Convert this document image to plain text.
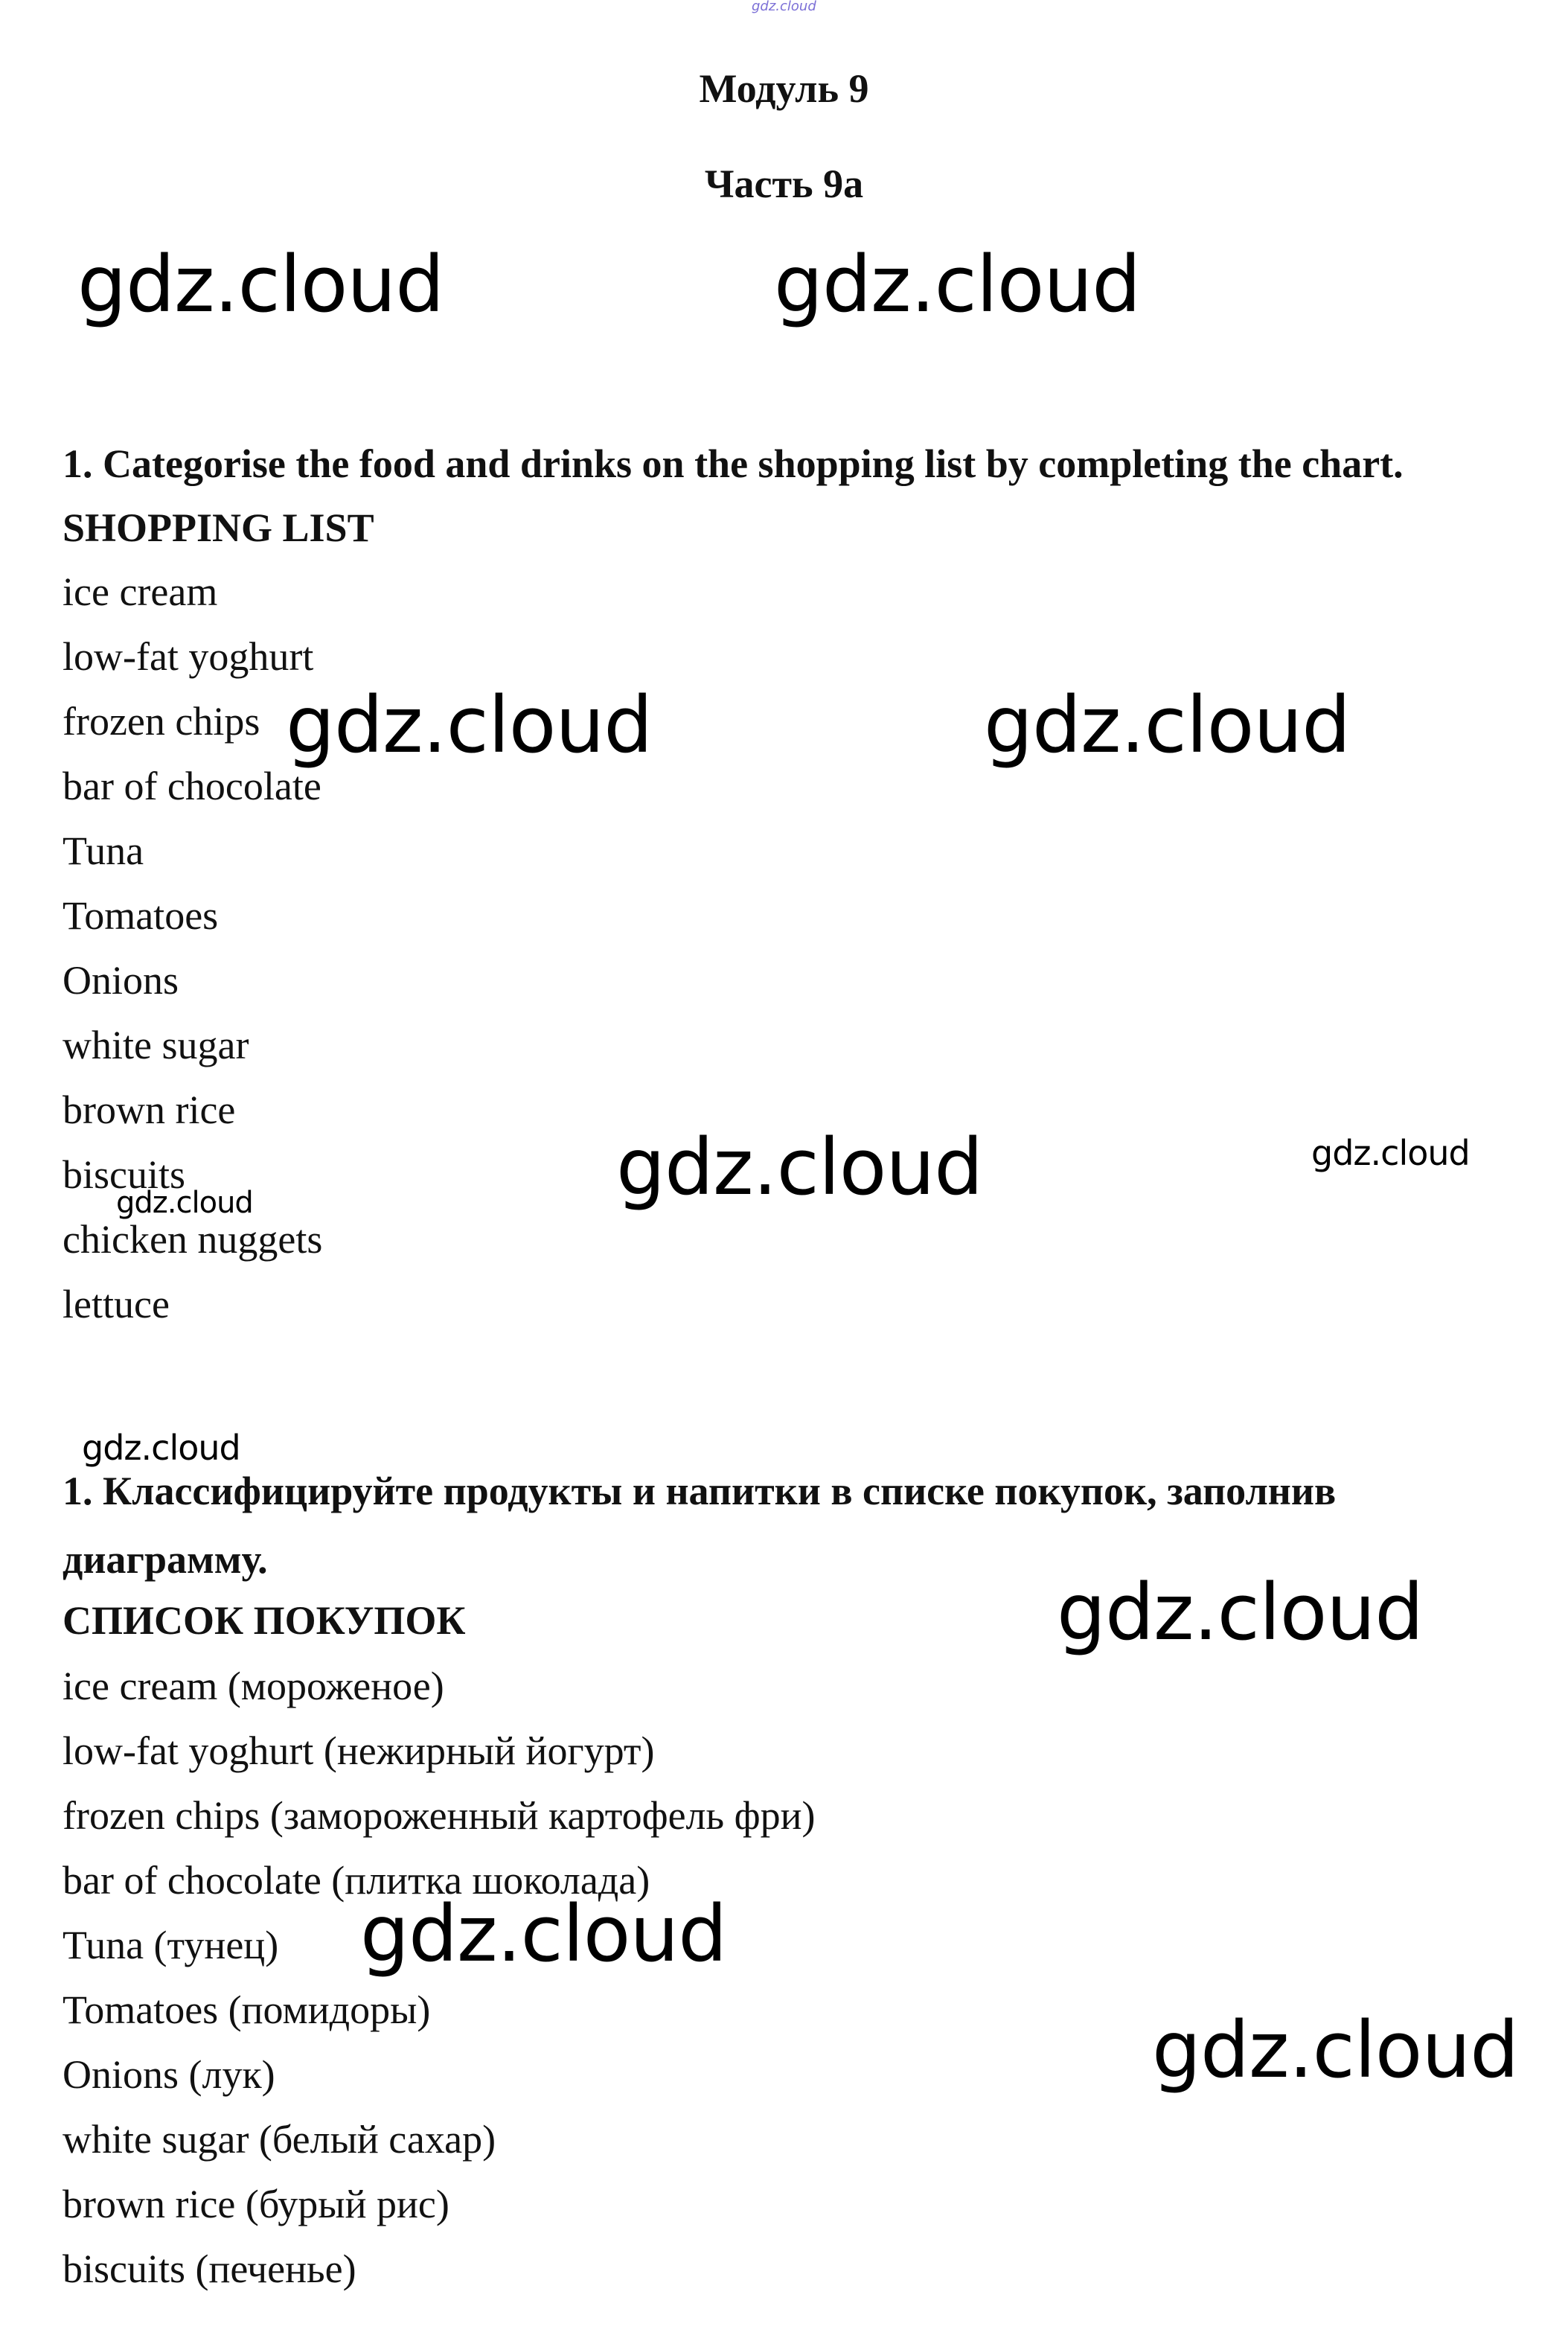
gdz.cloud
Модуль 9
Часть 9а
1. Categorise the food and drinks on the shopping list by completing the chart.
SHOPPING LIST
ice cream
low-fat yoghurt
frozen chips
bar of chocolate
Tuna
Tomatoes
Onions
white sugar
brown rice
biscuits
chicken nuggets
lettuce
1. Классифицируйте продукты и напитки в списке покупок, заполнив
диаграмму.
СПИСОК ПОКУПОК
ice cream (мороженое)
low-fat yoghurt (нежирный йогурт)
frozen chips (замороженный картофель фри)
bar of chocolate (плитка шоколада)
Tuna (тунец)
Tomatoes (помидоры)
Onions (лук)
white sugar (белый сахар)
brown rice (бурый рис)
biscuits (печенье)
gdz.cloud	gdz.cloud
gdz.cloud	gdz.cloud
gdz.cloud	gdz.cloud
gdz.cloud
gdz.cloud
gdz.cloud
gdz.cloud
gdz.cloud
